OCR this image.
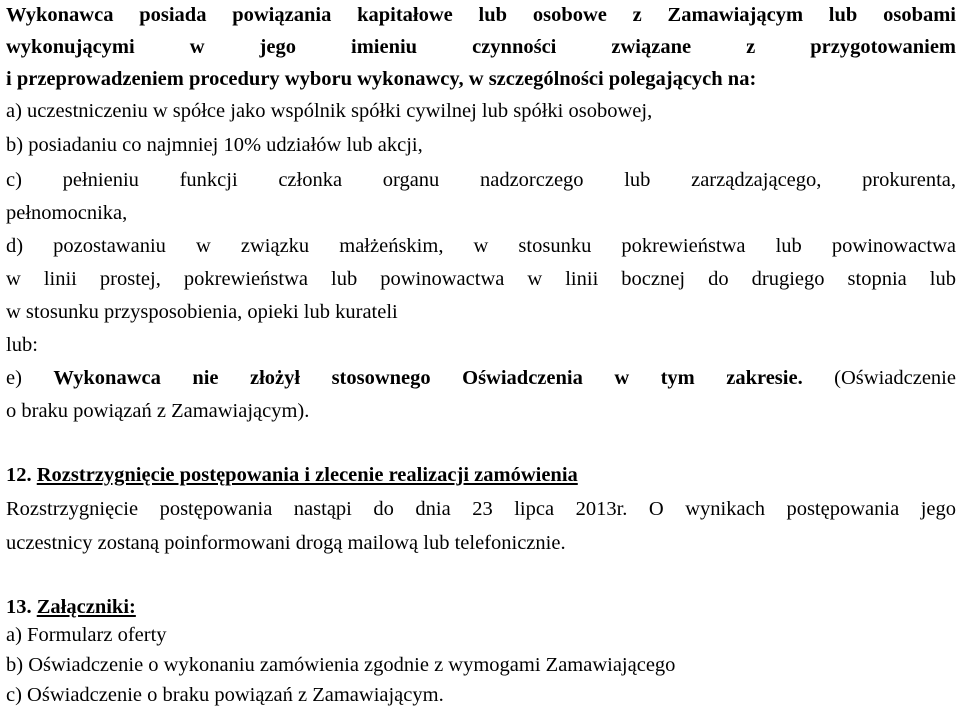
Wykonawca posiada powiązania kapitałowe lub osobowe z Zamawiającym lub osobami
wykonującymi w jego imieniu czynności związane z przygotowaniem
i przeprowadzeniem procedury wyboru wykonawcy, w szczególności polegających na:
a) uczestniczeniu w spółce jako wspólnik spółki cywilnej lub spółki osobowej,
b) posiadaniu co najmniej 10% udziałów lub akcji,
c) pełnieniu funkcji członka organu nadzorczego lub zarządzającego, prokurenta,
pełnomocnika,
d) pozostawaniu w związku małżeńskim, w stosunku pokrewieństwa lub powinowactwa
w linii prostej, pokrewieństwa lub powinowactwa w linii bocznej do drugiego stopnia lub
w stosunku przysposobienia, opieki lub kurateli
lub:
e) Wykonawca nie złożył stosownego Oświadczenia w tym zakresie. (Oświadczenie
o braku powiązań z Zamawiającym).
12. Rozstrzygnięcie postępowania i zlecenie realizacji zamówienia
Rozstrzygnięcie postępowania nastąpi do dnia 23 lipca 2013r. O wynikach postępowania jego
uczestnicy zostaną poinformowani drogą mailową lub telefonicznie.
13. Załączniki:
a) Formularz oferty
b) Oświadczenie o wykonaniu zamówienia zgodnie z wymogami Zamawiającego
c) Oświadczenie o braku powiązań z Zamawiającym.
